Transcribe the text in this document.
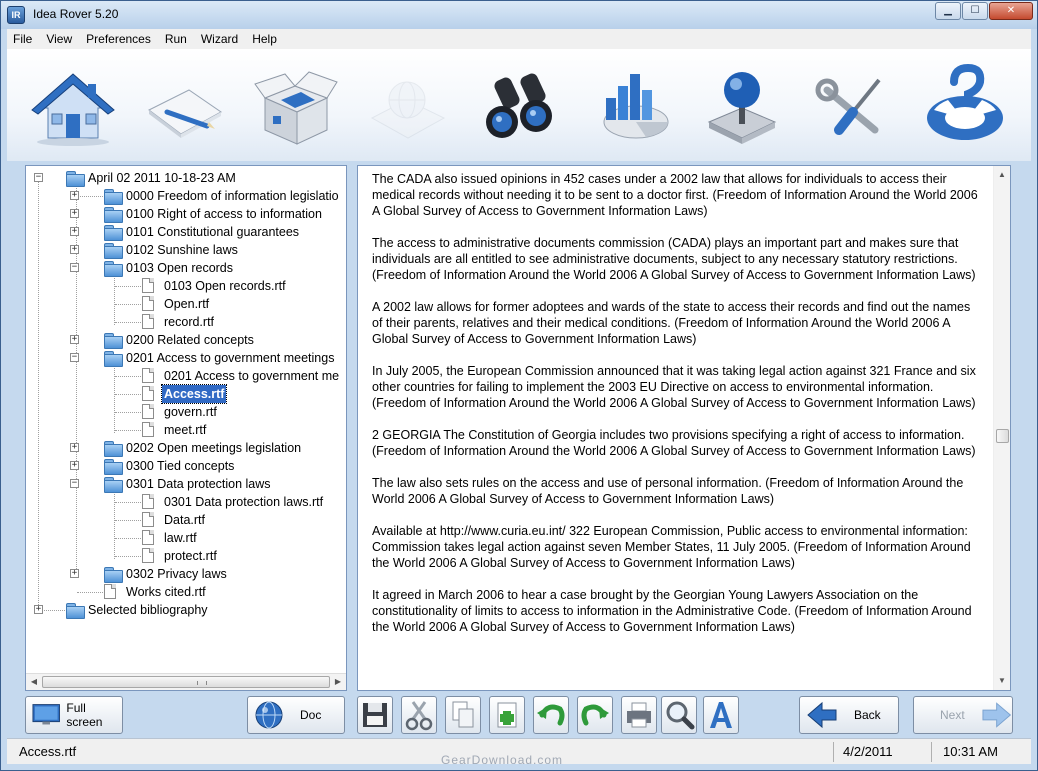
IR	Idea Rover 5.20	▁	☐	✕
File View Preferences Run Wizard Help
−	April 02 2011 10-18-23 AM
+	0000 Freedom of information legislatio
+	0100 Right of access to information
+	0101 Constitutional guarantees
+	0102 Sunshine laws
−	0103 Open records
0103 Open records.rtf
Open.rtf
record.rtf
+	0200 Related concepts
−	0201 Access to government meetings
0201 Access to government me
Access.rtf
govern.rtf
meet.rtf
+	0202 Open meetings legislation
+	0300 Tied concepts
−	0301 Data protection laws
0301 Data protection laws.rtf
Data.rtf
law.rtf
protect.rtf
+	0302 Privacy laws
Works cited.rtf
+	Selected bibliography
◀	▶

The CADA also issued opinions in 452 cases under a 2002 law that allows for individuals to access their medical records without needing it to be sent to a doctor first. (Freedom of Information Around the World 2006 A Global Survey of Access to Government Information Laws)

The access to administrative documents commission (CADA) plays an important part and makes sure that individuals are all entitled to see administrative documents, subject to any necessary statutory restrictions. (Freedom of Information Around the World 2006 A Global Survey of Access to Government Information Laws)

A 2002 law allows for former adoptees and wards of the state to access their records and find out the names of their parents, relatives and their medical conditions. (Freedom of Information Around the World 2006 A Global Survey of Access to Government Information Laws)

In July 2005, the European Commission announced that it was taking legal action against 321 France and six other countries for failing to implement the 2003 EU Directive on access to environmental information. (Freedom of Information Around the World 2006 A Global Survey of Access to Government Information Laws)

2 GEORGIA The Constitution of Georgia includes two provisions specifying a right of access to information. (Freedom of Information Around the World 2006 A Global Survey of Access to Government Information Laws)

The law also sets rules on the access and use of personal information. (Freedom of Information Around the World 2006 A Global Survey of Access to Government Information Laws)

Available at http://www.curia.eu.int/ 322 European Commission, Public access to environmental information: Commission takes legal action against seven Member States, 11 July 2005. (Freedom of Information Around the World 2006 A Global Survey of Access to Government Information Laws)

It agreed in March 2006 to hear a case brought by the Georgian Young Lawyers Association on the constitutionality of limits to access to information in the Administrative Code. (Freedom of Information Around the World 2006 A Global Survey of Access to Government Information Laws)

▲
▼
Full screen	Doc	Back	Next
Access.rtf	4/2/2011	10:31 AM
GearDownload.com
